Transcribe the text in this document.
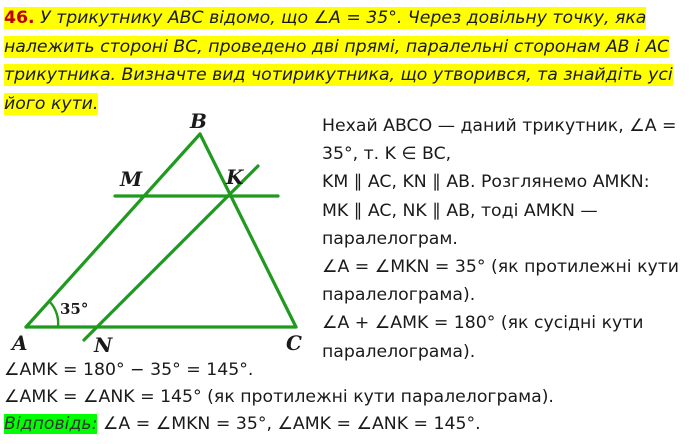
46. У трикутнику ABC відомо, що ∠A = 35°. Через довільну точку, яка належить стороні BC, проведено дві прямі, паралельні сторонам AB і AC трикутника. Визначте вид чотирикутника, що утворився, та знайдіть усі його кути.
A
B
C
M	K
N
35°
Нехай ABCO — даний трикутник, ∠A = 35°, т. K ∈ BC,
KM ∥ AC, KN ∥ AB. Розглянемо AMKN:
MK ∥ AC, NK ∥ AB, тоді AMKN — паралелограм.
∠A = ∠MKN = 35° (як протилежні кути паралелограма).
∠A + ∠AMK = 180° (як сусідні кути паралелограма).
∠AMK = 180° − 35° = 145°.
∠AMK = ∠ANK = 145° (як протилежні кути паралелограма).
Відповідь: ∠A = ∠MKN = 35°, ∠AMK = ∠ANK = 145°.
